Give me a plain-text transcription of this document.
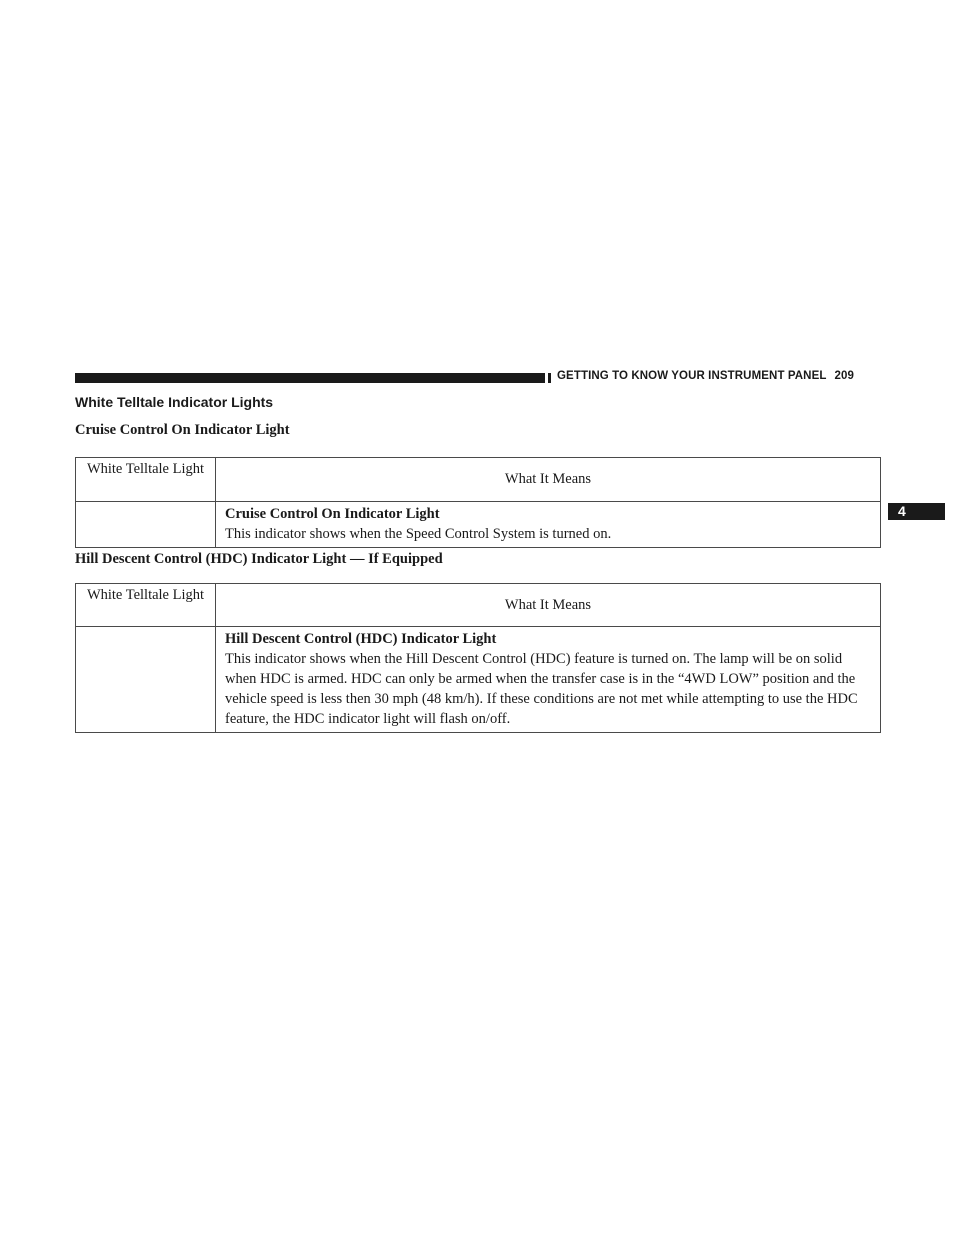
GETTING TO KNOW YOUR INSTRUMENT PANEL 209
4
White Telltale Indicator Lights
Cruise Control On Indicator Light
White Telltale Light	What It Means

	Cruise Control On Indicator Light
This indicator shows when the Speed Control System is turned on.
Hill Descent Control (HDC) Indicator Light — If Equipped
White Telltale Light	What It Means

	Hill Descent Control (HDC) Indicator Light
This indicator shows when the Hill Descent Control (HDC) feature is turned on. The lamp will be on solid when HDC is armed. HDC can only be armed when the transfer case is in the “4WD LOW” position and the vehicle speed is less then 30 mph (48 km/h). If these conditions are not met while attempting to use the HDC feature, the HDC indicator light will flash on/off.
